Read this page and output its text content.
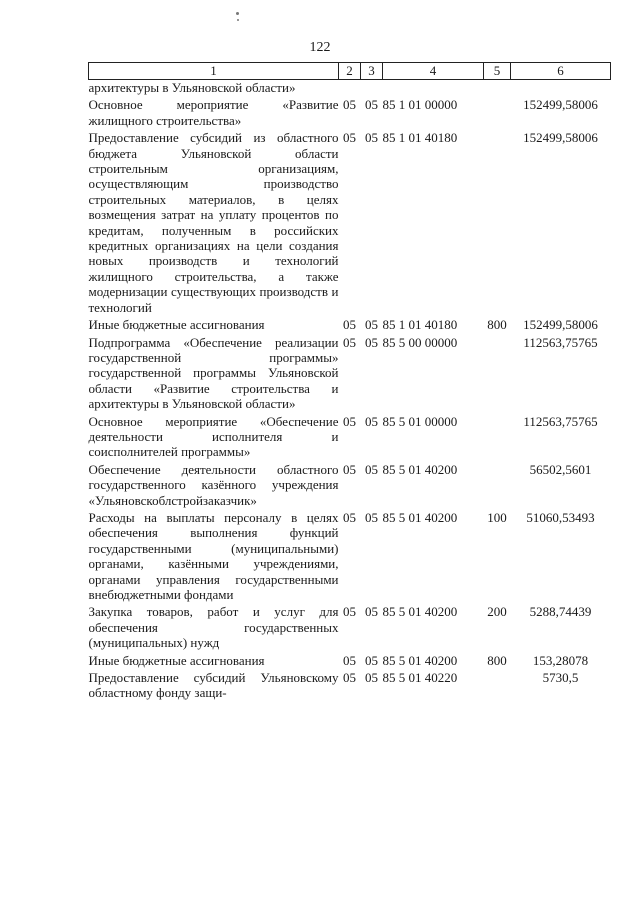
122
1	2	3	4	5	6
архитектуры в Ульяновской области»					
Основное мероприятие «Развитие жилищного строительства»	05	05	85 1 01 00000		152499,58006
Предоставление субсидий из областного бюджета Ульяновской области строительным организациям, осуществляющим производство строительных материалов, в целях возмещения затрат на уплату процентов по кредитам, полученным в российских кредитных организациях на цели создания новых производств и технологий жилищного строительства, а также модернизации существующих производств и технологий	05	05	85 1 01 40180		152499,58006
Иные бюджетные ассигнования	05	05	85 1 01 40180	800	152499,58006
Подпрограмма «Обеспечение реализации государственной программы» государственной программы Ульяновской области «Развитие строительства и архитектуры в Ульяновской области»	05	05	85 5 00 00000		112563,75765
Основное мероприятие «Обеспечение деятельности исполнителя и соисполнителей программы»	05	05	85 5 01 00000		112563,75765
Обеспечение деятельности областного государственного казённого учреждения «Ульяновскоблстройзаказчик»	05	05	85 5 01 40200		56502,5601
Расходы на выплаты персоналу в целях обеспечения выполнения функций государственными (муниципальными) органами, казёнными учреждениями, органами управления государственными внебюджетными фондами	05	05	85 5 01 40200	100	51060,53493
Закупка товаров, работ и услуг для обеспечения государственных (муниципальных) нужд	05	05	85 5 01 40200	200	5288,74439
Иные бюджетные ассигнования	05	05	85 5 01 40200	800	153,28078
Предоставление субсидий Ульяновскому областному фонду защи-	05	05	85 5 01 40220		5730,5
